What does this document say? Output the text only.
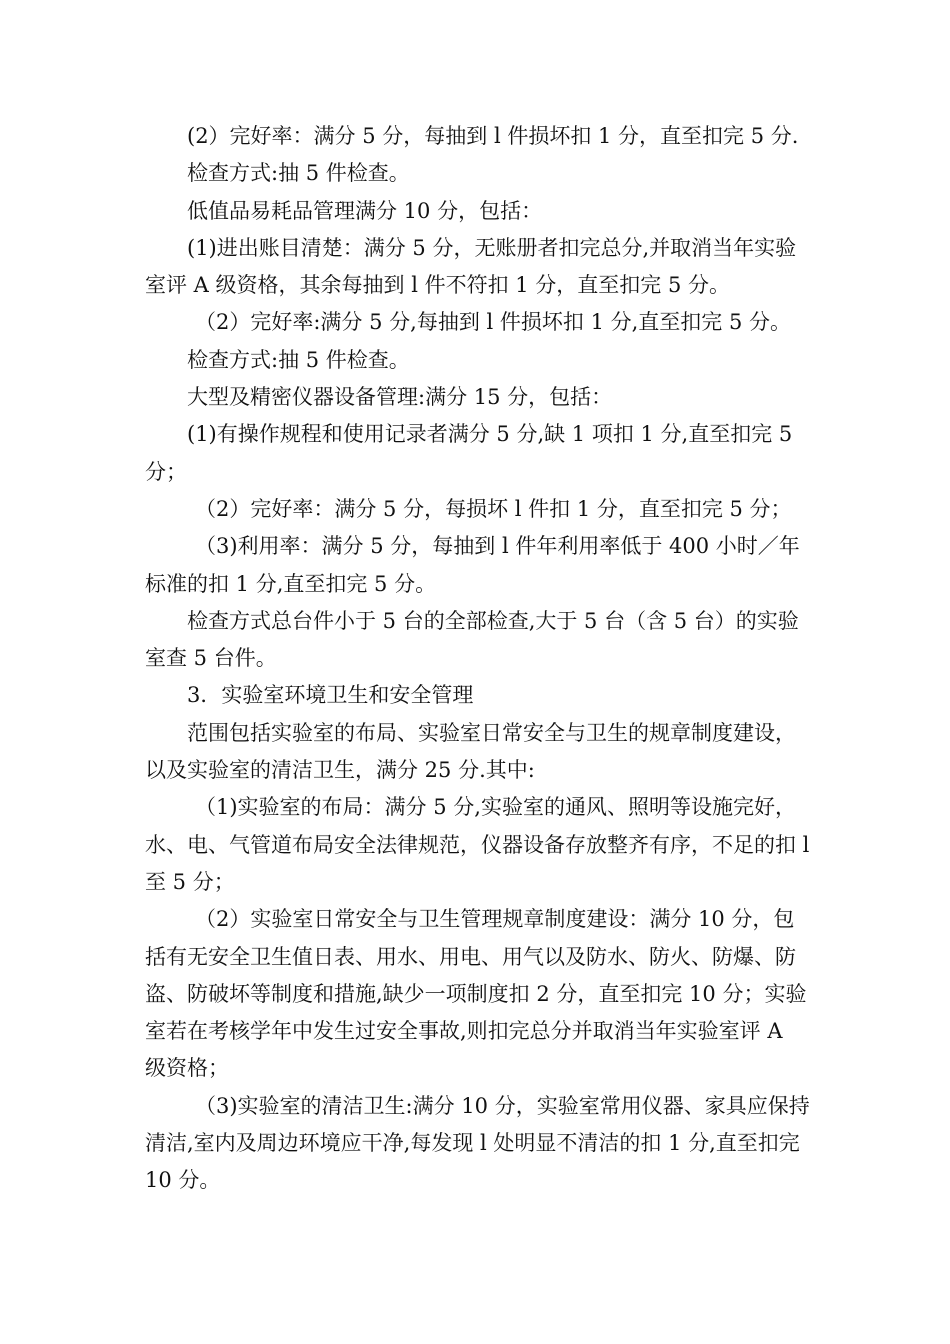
(2）完好率：满分 5 分，每抽到 l 件损坏扣 1 分，直至扣完 5 分.

检查方式:抽 5 件检查。

低值品易耗品管理满分 10 分，包括：

(1)进出账目清楚：满分 5 分，无账册者扣完总分,并取消当年实验室评 A 级资格，其余每抽到 l 件不符扣 1 分，直至扣完 5 分。

（2）完好率:满分 5 分,每抽到 l 件损坏扣 1 分,直至扣完 5 分。

检查方式:抽 5 件检查。

大型及精密仪器设备管理:满分 15 分，包括：

(1)有操作规程和使用记录者满分 5 分,缺 1 项扣 1 分,直至扣完 5 分；

（2）完好率：满分 5 分，每损坏 l 件扣 1 分，直至扣完 5 分；

（3)利用率：满分 5 分，每抽到 l 件年利用率低于 400 小时／年标准的扣 1 分,直至扣完 5 分。

检查方式总台件小于 5 台的全部检查,大于 5 台（含 5 台）的实验室查 5 台件。

3．实验室环境卫生和安全管理

范围包括实验室的布局、实验室日常安全与卫生的规章制度建设，以及实验室的清洁卫生，满分 25 分.其中:

（1)实验室的布局：满分 5 分,实验室的通风、照明等设施完好，水、电、气管道布局安全法律规范，仪器设备存放整齐有序，不足的扣 l 至 5 分；

（2）实验室日常安全与卫生管理规章制度建设：满分 10 分，包括有无安全卫生值日表、用水、用电、用气以及防水、防火、防爆、防盗、防破坏等制度和措施,缺少一项制度扣 2 分，直至扣完 10 分；实验室若在考核学年中发生过安全事故,则扣完总分并取消当年实验室评 A 级资格；

（3)实验室的清洁卫生:满分 10 分，实验室常用仪器、家具应保持清洁,室内及周边环境应干净,每发现 l 处明显不清洁的扣 1 分,直至扣完 10 分。
